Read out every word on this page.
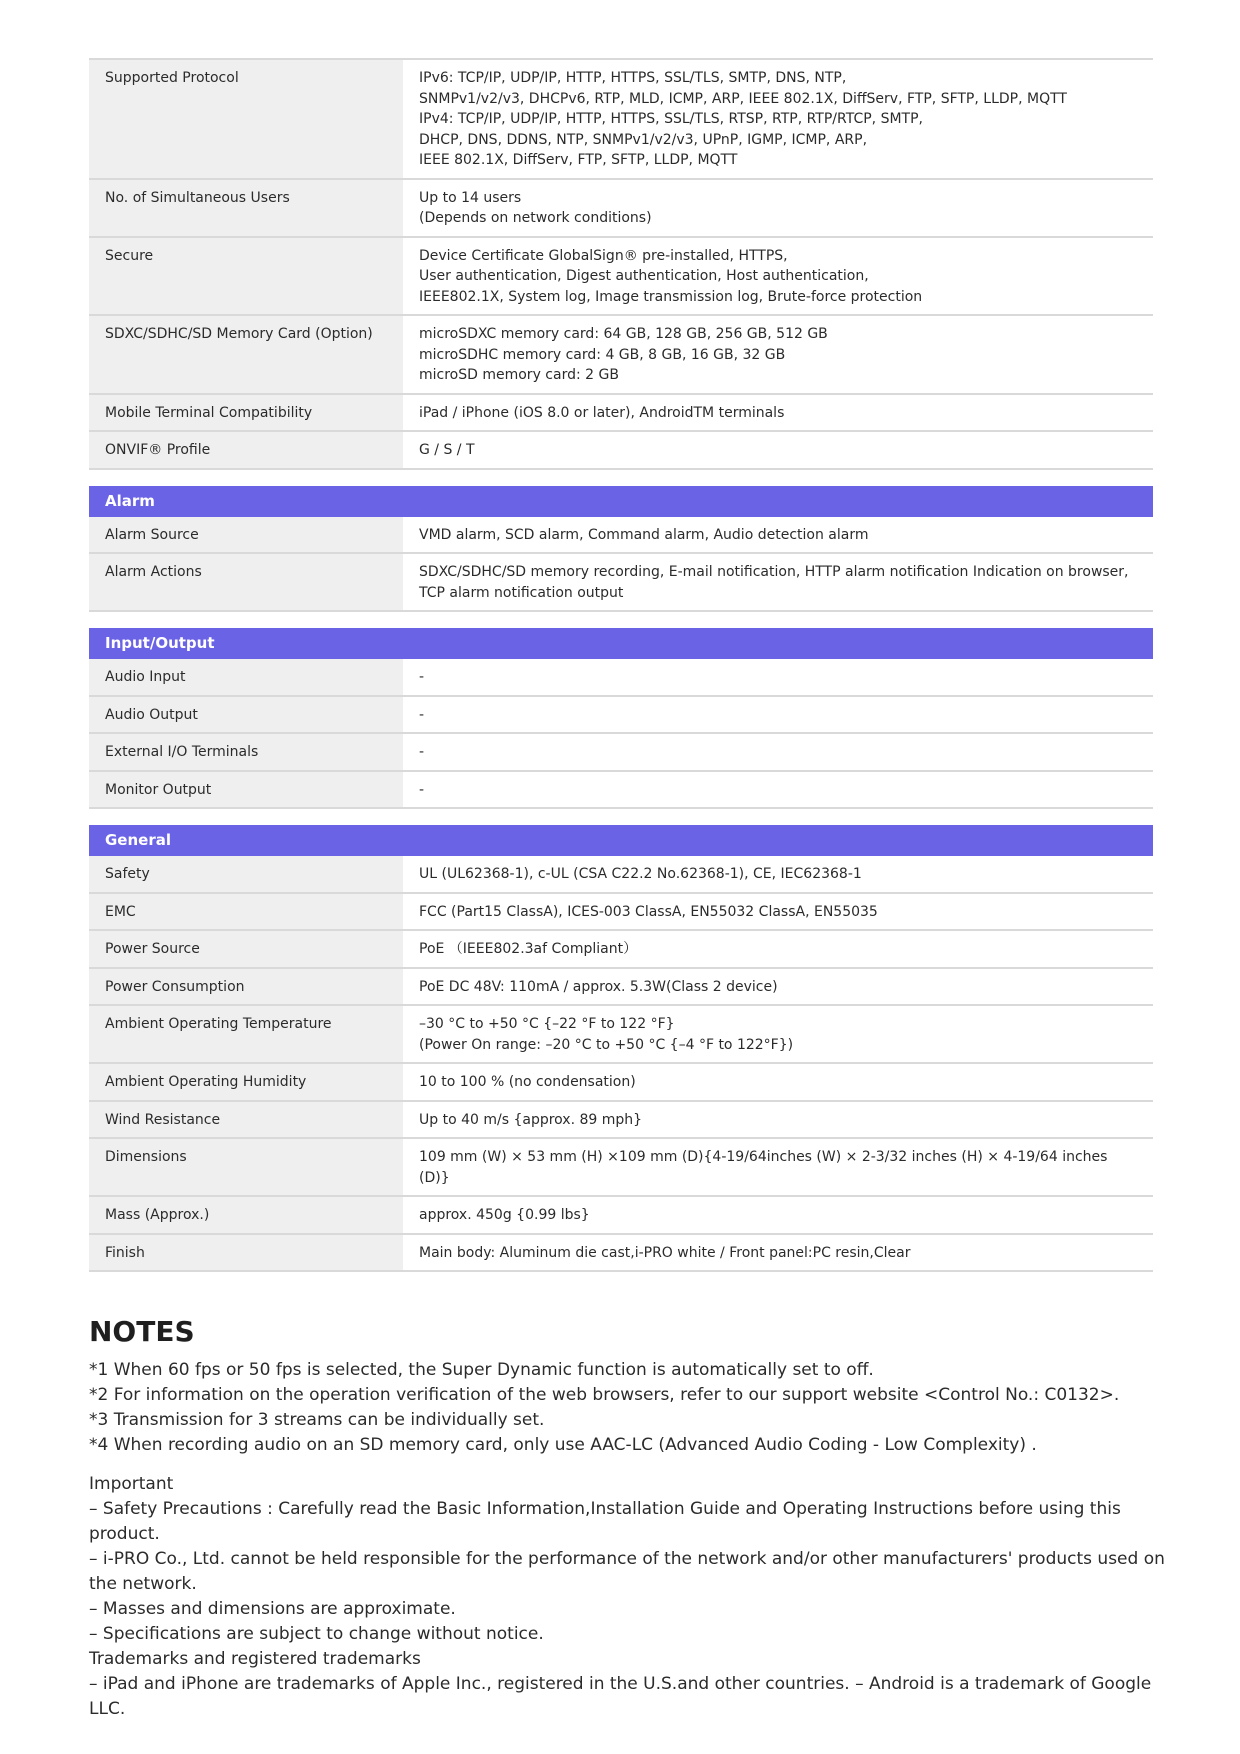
Supported Protocol	IPv6: TCP/IP, UDP/IP, HTTP, HTTPS, SSL/TLS, SMTP, DNS, NTP,
SNMPv1/v2/v3, DHCPv6, RTP, MLD, ICMP, ARP, IEEE 802.1X, DiffServ, FTP, SFTP, LLDP, MQTT
IPv4: TCP/IP, UDP/IP, HTTP, HTTPS, SSL/TLS, RTSP, RTP, RTP/RTCP, SMTP,
DHCP, DNS, DDNS, NTP, SNMPv1/v2/v3, UPnP, IGMP, ICMP, ARP,
IEEE 802.1X, DiffServ, FTP, SFTP, LLDP, MQTT
No. of Simultaneous Users	Up to 14 users
(Depends on network conditions)
Secure	Device Certificate GlobalSign® pre-installed, HTTPS,
User authentication, Digest authentication, Host authentication,
IEEE802.1X, System log, Image transmission log, Brute-force protection
SDXC/SDHC/SD Memory Card (Option)	microSDXC memory card: 64 GB, 128 GB, 256 GB, 512 GB
microSDHC memory card: 4 GB, 8 GB, 16 GB, 32 GB
microSD memory card: 2 GB
Mobile Terminal Compatibility	iPad / iPhone (iOS 8.0 or later), AndroidTM terminals
ONVIF® Profile	G / S / T
Alarm
Alarm Source	VMD alarm, SCD alarm, Command alarm, Audio detection alarm
Alarm Actions	SDXC/SDHC/SD memory recording, E-mail notification, HTTP alarm notification Indication on browser,
TCP alarm notification output
Input/Output
Audio Input	-
Audio Output	-
External I/O Terminals	-
Monitor Output	-
General
Safety	UL (UL62368-1), c-UL (CSA C22.2 No.62368-1), CE, IEC62368-1
EMC	FCC (Part15 ClassA), ICES-003 ClassA, EN55032 ClassA, EN55035
Power Source	PoE （IEEE802.3af Compliant）
Power Consumption	PoE DC 48V: 110mA / approx. 5.3W(Class 2 device)
Ambient Operating Temperature	–30 °C to +50 °C {–22 °F to 122 °F}
(Power On range: –20 °C to +50 °C {–4 °F to 122°F})
Ambient Operating Humidity	10 to 100 % (no condensation)
Wind Resistance	Up to 40 m/s {approx. 89 mph}
Dimensions	109 mm (W) × 53 mm (H) ×109 mm (D){4-19/64inches (W) × 2-3/32 inches (H) × 4-19/64 inches (D)}
Mass (Approx.)	approx. 450g {0.99 lbs}
Finish	Main body: Aluminum die cast,i-PRO white / Front panel:PC resin,Clear
NOTES
*1 When 60 fps or 50 fps is selected, the Super Dynamic function is automatically set to off.
*2 For information on the operation verification of the web browsers, refer to our support website <Control No.: C0132>.
*3 Transmission for 3 streams can be individually set.
*4 When recording audio on an SD memory card, only use AAC-LC (Advanced Audio Coding - Low Complexity) .
Important
– Safety Precautions : Carefully read the Basic Information,Installation Guide and Operating Instructions before using this product.
– i-PRO Co., Ltd. cannot be held responsible for the performance of the network and/or other manufacturers' products used on
the network.
– Masses and dimensions are approximate.
– Specifications are subject to change without notice.
Trademarks and registered trademarks
– iPad and iPhone are trademarks of Apple Inc., registered in the U.S.and other countries. – Android is a trademark of Google LLC.
